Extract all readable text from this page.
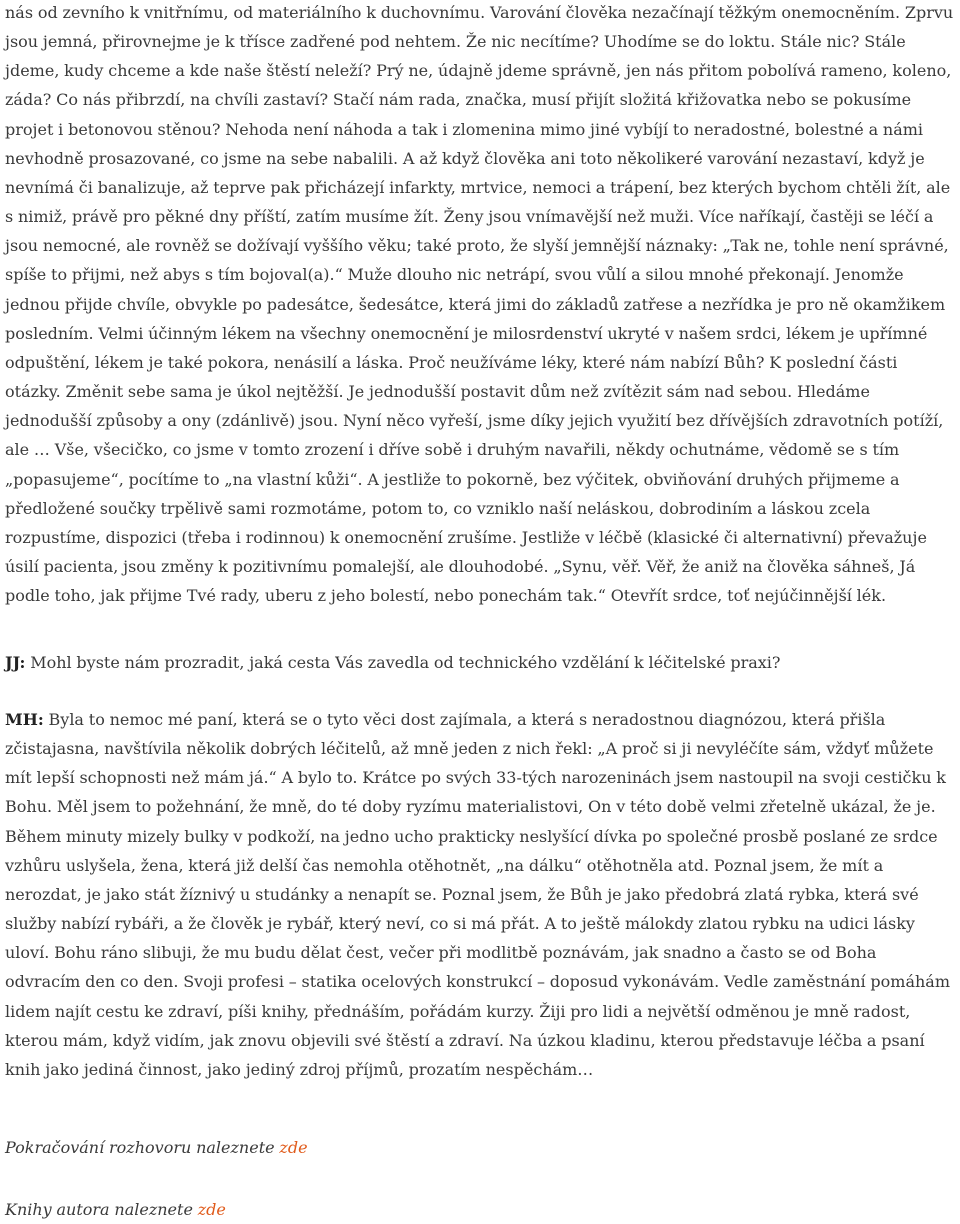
nás od zevního k vnitřnímu, od materiálního k duchovnímu. Varování člověka nezačínají těžkým onemocněním. Zprvu jsou jemná, přirovnejme je k třísce zadřené pod nehtem. Že nic necítíme? Uhodíme se do loktu. Stále nic? Stále jdeme, kudy chceme a kde naše štěstí neleží? Prý ne, údajně jdeme správně, jen nás přitom pobolívá rameno, koleno, záda? Co nás přibrzdí, na chvíli zastaví? Stačí nám rada, značka, musí přijít složitá křižovatka nebo se pokusíme projet i betonovou stěnou? Nehoda není náhoda a tak i zlomenina mimo jiné vybíjí to neradostné, bolestné a námi nevhodně prosazované, co jsme na sebe nabalili. A až když člověka ani toto několikeré varování nezastaví, když je nevnímá či banalizuje, až teprve pak přicházejí infarkty, mrtvice, nemoci a trápení, bez kterých bychom chtěli žít, ale s nimiž, právě pro pěkné dny příští, zatím musíme žít. Ženy jsou vnímavější než muži. Více naříkají, častěji se léčí a jsou nemocné, ale rovněž se dožívají vyššího věku; také proto, že slyší jemnější náznaky: „Tak ne, tohle není správné, spíše to přijmi, než abys s tím bojoval(a).“ Muže dlouho nic netrápí, svou vůlí a silou mnohé překonají. Jenomže jednou přijde chvíle, obvykle po padesátce, šedesátce, která jimi do základů zatřese a nezřídka je pro ně okamžikem posledním. Velmi účinným lékem na všechny onemocnění je milosrdenství ukryté v našem srdci, lékem je upřímné odpuštění, lékem je také pokora, nenásilí a láska. Proč neužíváme léky, které nám nabízí Bůh? K poslední části otázky. Změnit sebe sama je úkol nejtěžší. Je jednodušší postavit dům než zvítězit sám nad sebou. Hledáme jednodušší způsoby a ony (zdánlivě) jsou. Nyní něco vyřeší, jsme díky jejich využití bez dřívějších zdravotních potíží, ale … Vše, všecičko, co jsme v tomto zrození i dříve sobě i druhým navařili, někdy ochutnáme, vědomě se s tím „popasujeme“, pocítíme to „na vlastní kůži“. A jestliže to pokorně, bez výčitek, obviňování druhých přijmeme a předložené součky trpělivě sami rozmotáme, potom to, co vzniklo naší neláskou, dobrodiním a láskou zcela rozpustíme, dispozici (třeba i rodinnou) k onemocnění zrušíme. Jestliže v léčbě (klasické či alternativní) převažuje úsilí pacienta, jsou změny k pozitivnímu pomalejší, ale dlouhodobé. „Synu, věř. Věř, že aniž na člověka sáhneš, Já podle toho, jak přijme Tvé rady, uberu z jeho bolestí, nebo ponechám tak.“ Otevřít srdce, toť nejúčinnější lék.

JJ: Mohl byste nám prozradit, jaká cesta Vás zavedla od technického vzdělání k léčitelské praxi?

MH: Byla to nemoc mé paní, která se o tyto věci dost zajímala, a která s neradostnou diagnózou, která přišla zčistajasna, navštívila několik dobrých léčitelů, až mně jeden z nich řekl: „A proč si ji nevyléčíte sám, vždyť můžete mít lepší schopnosti než mám já.“ A bylo to. Krátce po svých 33-tých narozeninách jsem nastoupil na svoji cestičku k Bohu. Měl jsem to požehnání, že mně, do té doby ryzímu materialistovi, On v této době velmi zřetelně ukázal, že je. Během minuty mizely bulky v podkoží, na jedno ucho prakticky neslyšící dívka po společné prosbě poslané ze srdce vzhůru uslyšela, žena, která již delší čas nemohla otěhotnět, „na dálku“ otěhotněla atd. Poznal jsem, že mít a nerozdat, je jako stát žíznivý u studánky a nenapít se. Poznal jsem, že Bůh je jako předobrá zlatá rybka, která své služby nabízí rybáři, a že člověk je rybář, který neví, co si má přát. A to ještě málokdy zlatou rybku na udici lásky uloví. Bohu ráno slibuji, že mu budu dělat čest, večer při modlitbě poznávám, jak snadno a často se od Boha odvracím den co den. Svoji profesi – statika ocelových konstrukcí – doposud vykonávám. Vedle zaměstnání pomáhám lidem najít cestu ke zdraví, píši knihy, přednáším, pořádám kurzy. Žiji pro lidi a největší odměnou je mně radost, kterou mám, když vidím, jak znovu objevili své štěstí a zdraví. Na úzkou kladinu, kterou představuje léčba a psaní knih jako jediná činnost, jako jediný zdroj příjmů, prozatím nespěchám…

Pokračování rozhovoru naleznete zde

Knihy autora naleznete zde
